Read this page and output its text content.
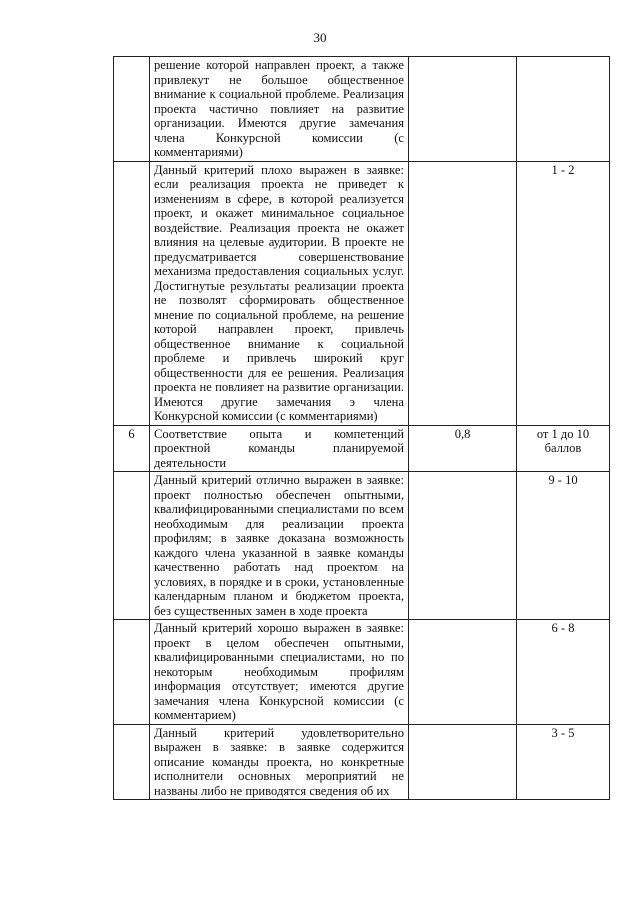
30
	решение которой направлен проект, а также привлекут не большое общественное внимание к социальной проблеме. Реализация проекта частично повлияет на развитие организации. Имеются другие замечания члена Конкурсной комиссии (с комментариями)		
	Данный критерий плохо выражен в заявке: если реализация проекта не приведет к изменениям в сфере, в которой реализуется проект, и окажет минимальное социальное воздействие. Реализация проекта не окажет влияния на целевые аудитории. В проекте не предусматривается совершенствование механизма предоставления социальных услуг. Достигнутые результаты реализации проекта не позволят сформировать общественное мнение по социальной проблеме, на решение которой направлен проект, привлечь общественное внимание к социальной проблеме и привлечь широкий круг общественности для ее решения. Реализация проекта не повлияет на развитие организации. Имеются другие замечания э члена Конкурсной комиссии (с комментариями)		1 - 2
6	Соответствие опыта и компетенций проектной команды планируемой деятельности	0,8	от 1 до 10 баллов
	Данный критерий отлично выражен в заявке: проект полностью обеспечен опытными, квалифицированными специалистами по всем необходимым для реализации проекта профилям; в заявке доказана возможность каждого члена указанной в заявке команды качественно работать над проектом на условиях, в порядке и в сроки, установленные календарным планом и бюджетом проекта, без существенных замен в ходе проекта		9 - 10
	Данный критерий хорошо выражен в заявке: проект в целом обеспечен опытными, квалифицированными специалистами, но по некоторым необходимым профилям информация отсутствует; имеются другие замечания члена Конкурсной комиссии (с комментарием)		6 - 8
	Данный критерий удовлетворительно выражен в заявке: в заявке содержится описание команды проекта, но конкретные исполнители основных мероприятий не названы либо не приводятся сведения об их		3 - 5
